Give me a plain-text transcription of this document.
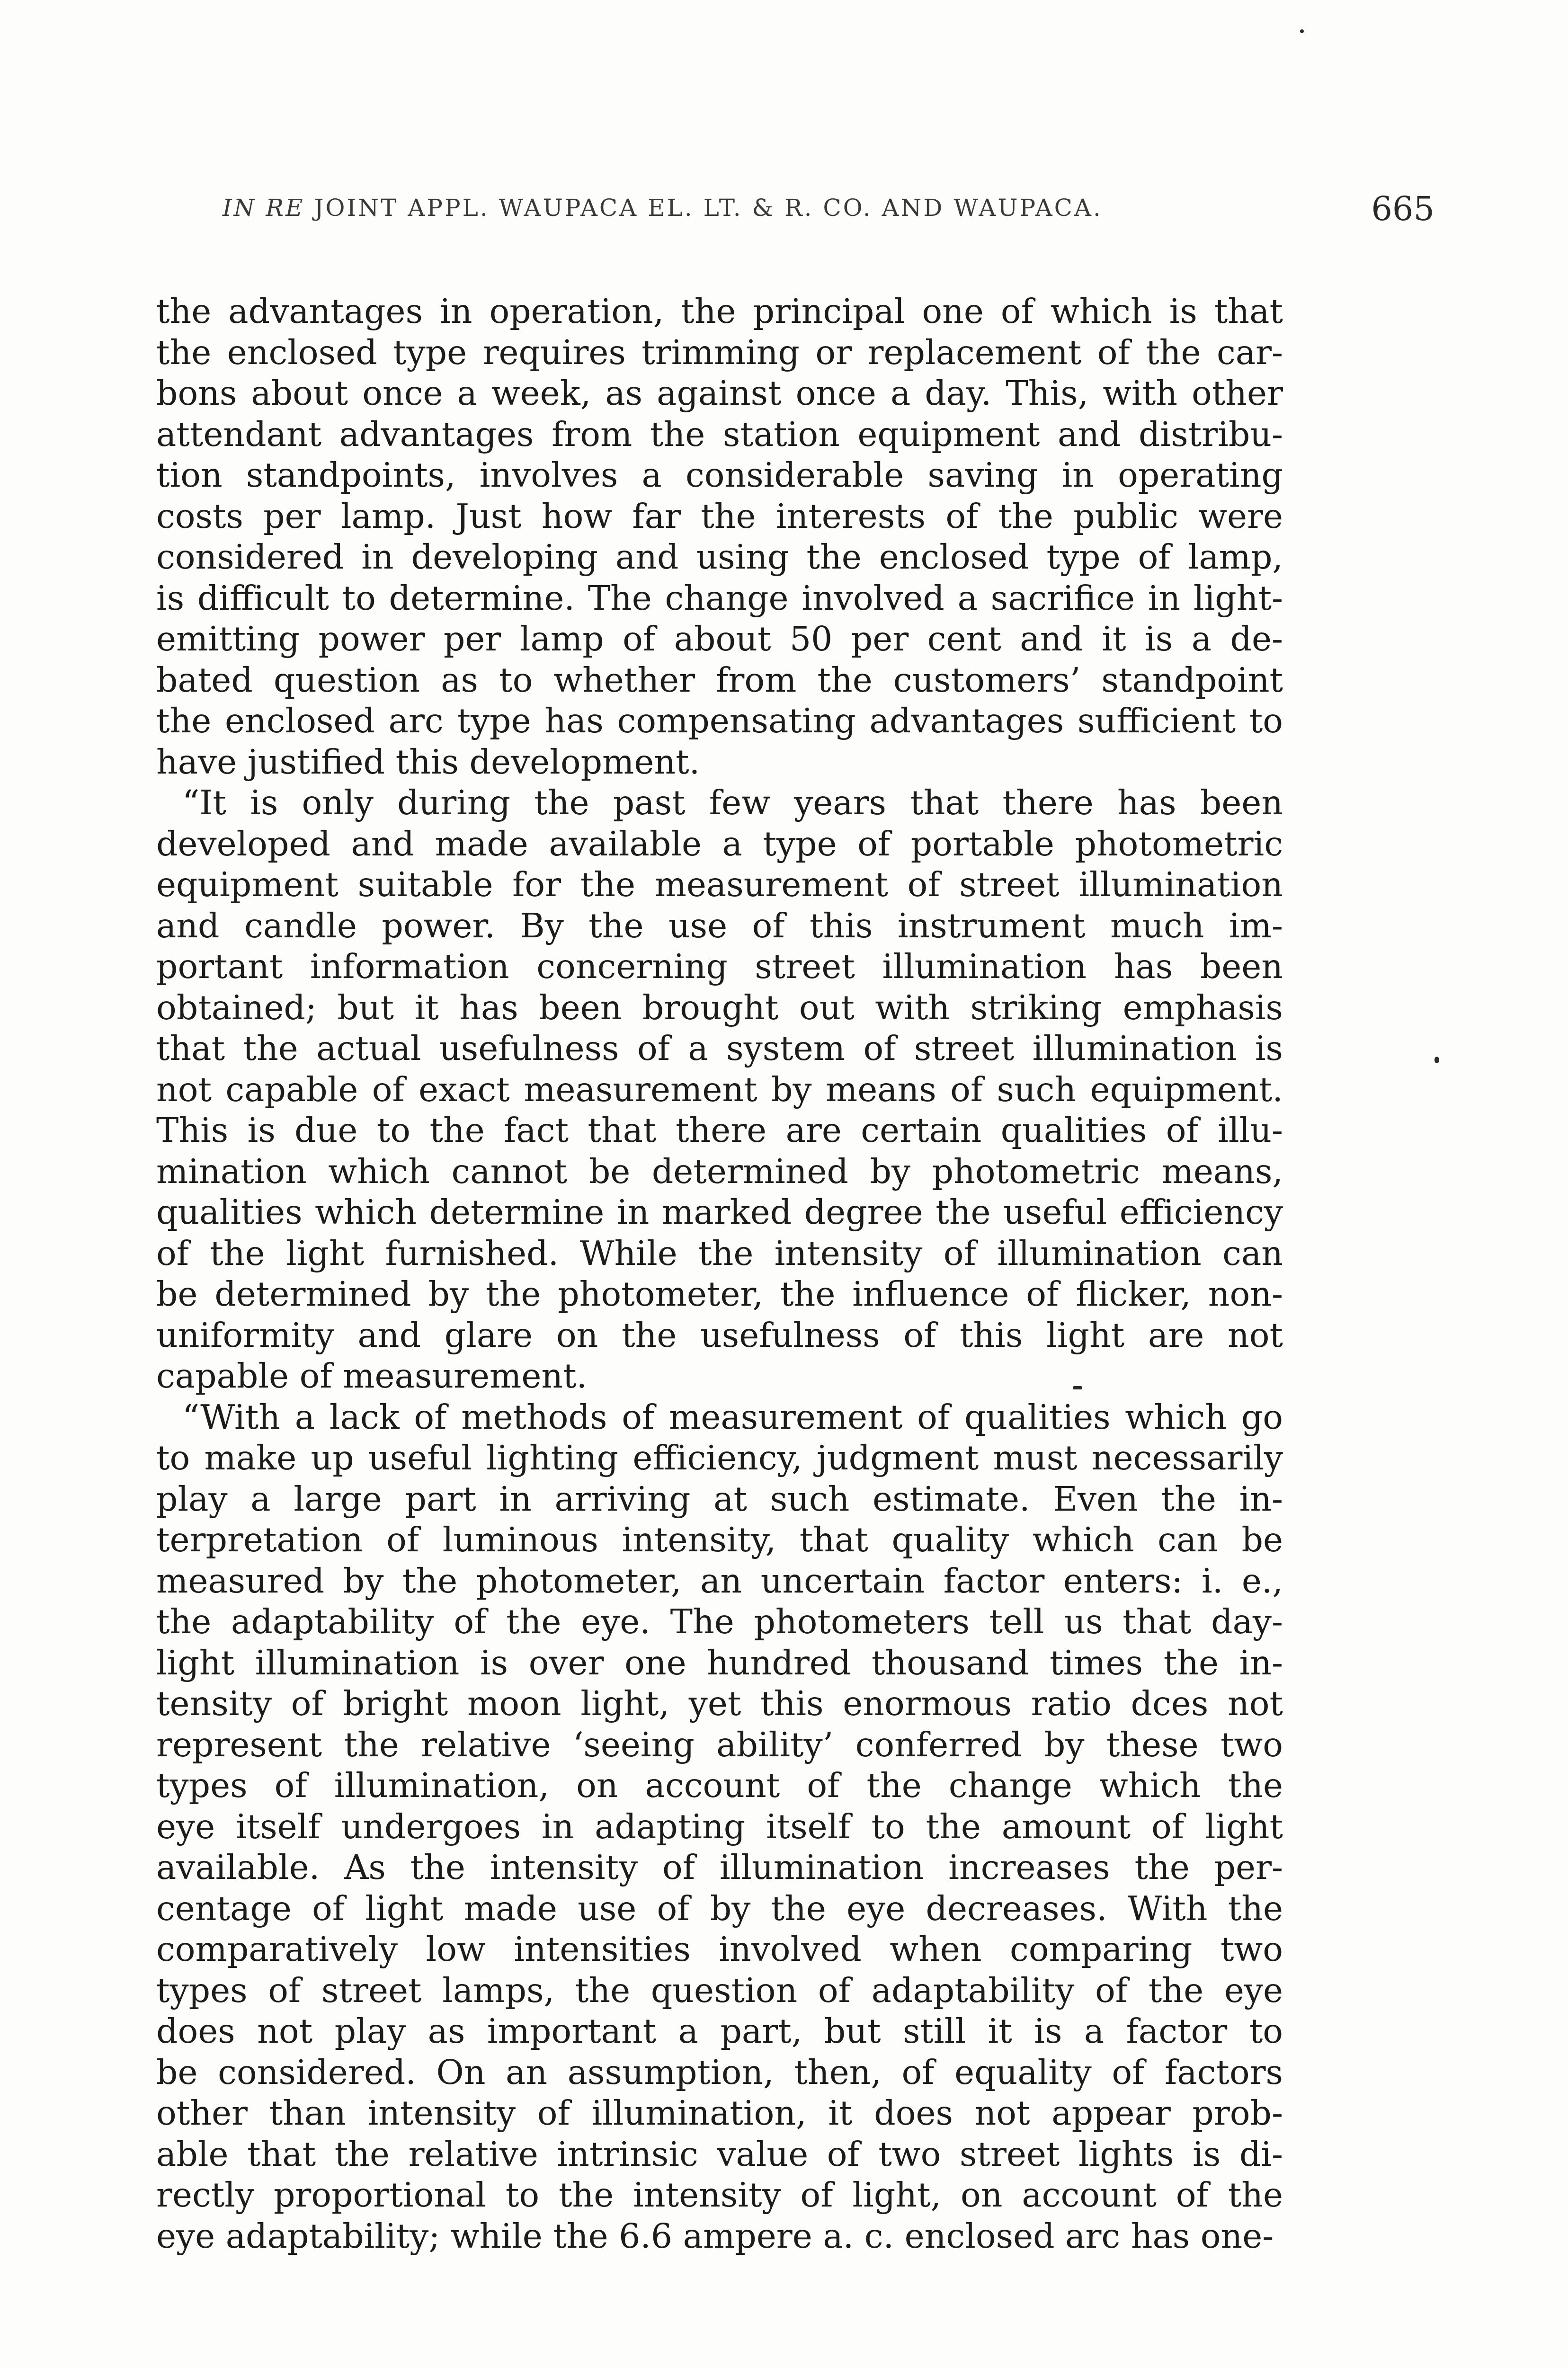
IN RE JOINT APPL. WAUPACA EL. LT. & R. CO. AND WAUPACA.	665
the advantages in operation, the principal one of which is that
the enclosed type requires trimming or replacement of the car-
bons about once a week, as against once a day. This, with other
attendant advantages from the station equipment and distribu-
tion standpoints, involves a considerable saving in operating
costs per lamp. Just how far the interests of the public were
considered in developing and using the enclosed type of lamp,
is difficult to determine. The change involved a sacrifice in light-
emitting power per lamp of about 50 per cent and it is a de-
bated question as to whether from the customers’ standpoint
the enclosed arc type has compensating advantages sufficient to
have justified this development.
“It is only during the past few years that there has been
developed and made available a type of portable photometric
equipment suitable for the measurement of street illumination
and candle power. By the use of this instrument much im-
portant information concerning street illumination has been
obtained; but it has been brought out with striking emphasis
that the actual usefulness of a system of street illumination is
not capable of exact measurement by means of such equipment.
This is due to the fact that there are certain qualities of illu-
mination which cannot be determined by photometric means,
qualities which determine in marked degree the useful efficiency
of the light furnished. While the intensity of illumination can
be determined by the photometer, the influence of flicker, non-
uniformity and glare on the usefulness of this light are not
capable of measurement.
“With a lack of methods of measurement of qualities which go
to make up useful lighting efficiency, judgment must necessarily
play a large part in arriving at such estimate. Even the in-
terpretation of luminous intensity, that quality which can be
measured by the photometer, an uncertain factor enters: i. e.,
the adaptability of the eye. The photometers tell us that day-
light illumination is over one hundred thousand times the in-
tensity of bright moon light, yet this enormous ratio dces not
represent the relative ‘seeing ability’ conferred by these two
types of illumination, on account of the change which the
eye itself undergoes in adapting itself to the amount of light
available. As the intensity of illumination increases the per-
centage of light made use of by the eye decreases. With the
comparatively low intensities involved when comparing two
types of street lamps, the question of adaptability of the eye
does not play as important a part, but still it is a factor to
be considered. On an assumption, then, of equality of factors
other than intensity of illumination, it does not appear prob-
able that the relative intrinsic value of two street lights is di-
rectly proportional to the intensity of light, on account of the
eye adaptability; while the 6.6 ampere a. c. enclosed arc has one-
